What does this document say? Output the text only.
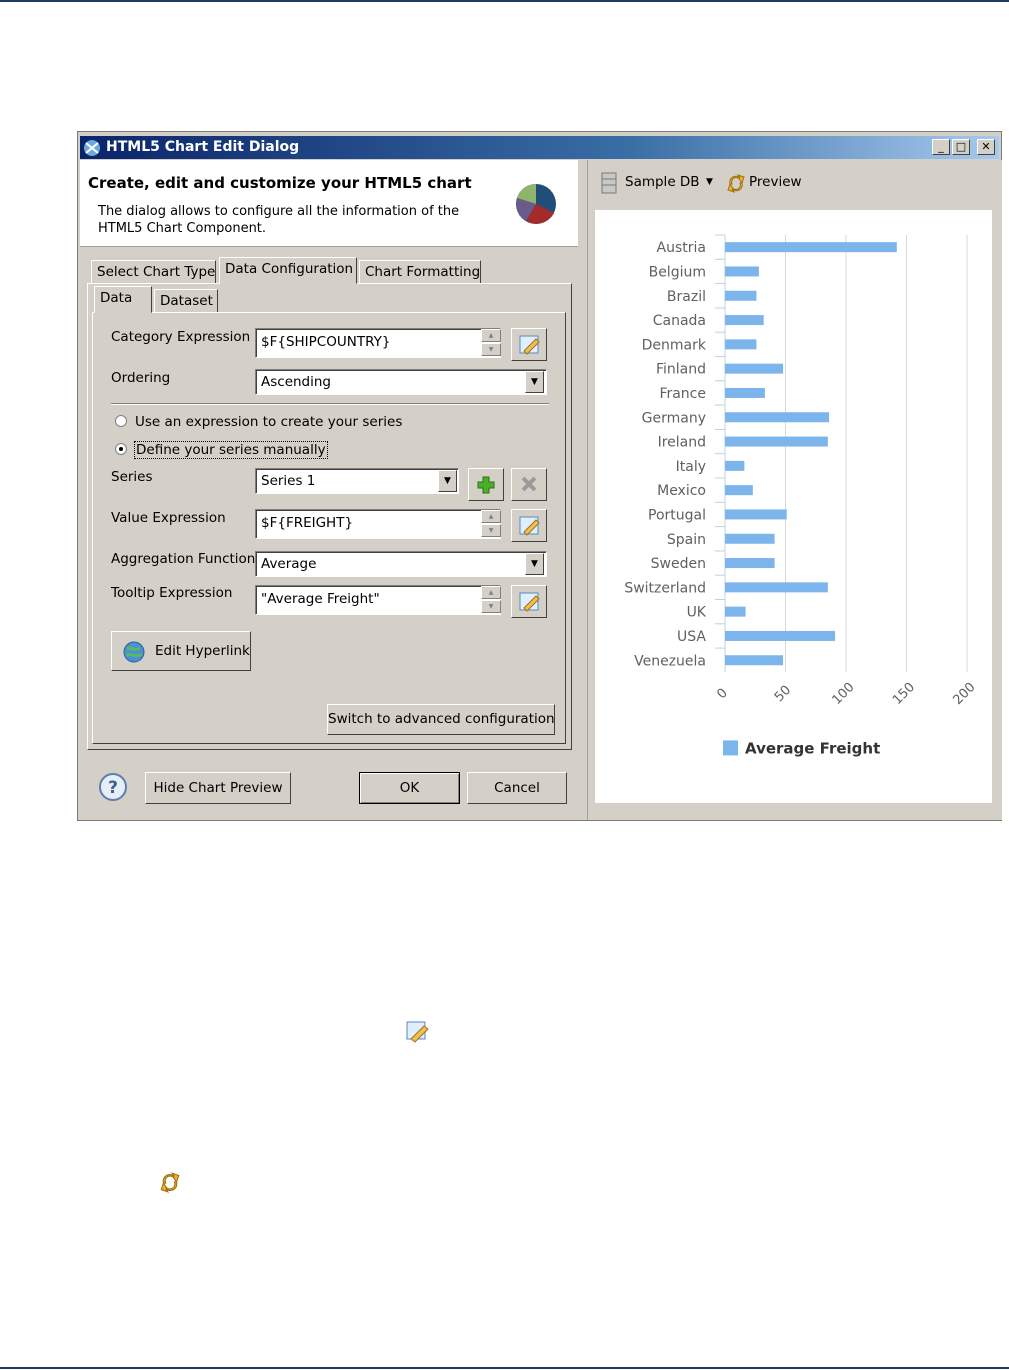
HTML5 Chart Edit Dialog	_	□	✕
Create, edit and customize your HTML5 chart
The dialog allows to configure all the information of the HTML5 Chart Component.
Select Chart Type Data Configuration Chart Formatting
Data	Dataset
Category Expression $F{SHIPCOUNTRY}	▲
▼
Ordering	Ascending	▼
Use an expression to create your series
Define your series manually
Series	Series 1	▼
Value Expression	$F{FREIGHT}	▲
▼
Aggregation Function Average	▼
Tooltip Expression	"Average Freight"	▲
▼
Edit Hyperlink
Switch to advanced configuration
?	Hide Chart Preview	OK	Cancel
Sample DB ▼	Preview
Austria
Belgium
Brazil
Canada
Denmark
Finland
France
Germany
Ireland
Italy
Mexico
Portugal
Spain
Sweden
Switzerland
UK
USA
Venezuela
0	50	100 150 200
Average Freight
